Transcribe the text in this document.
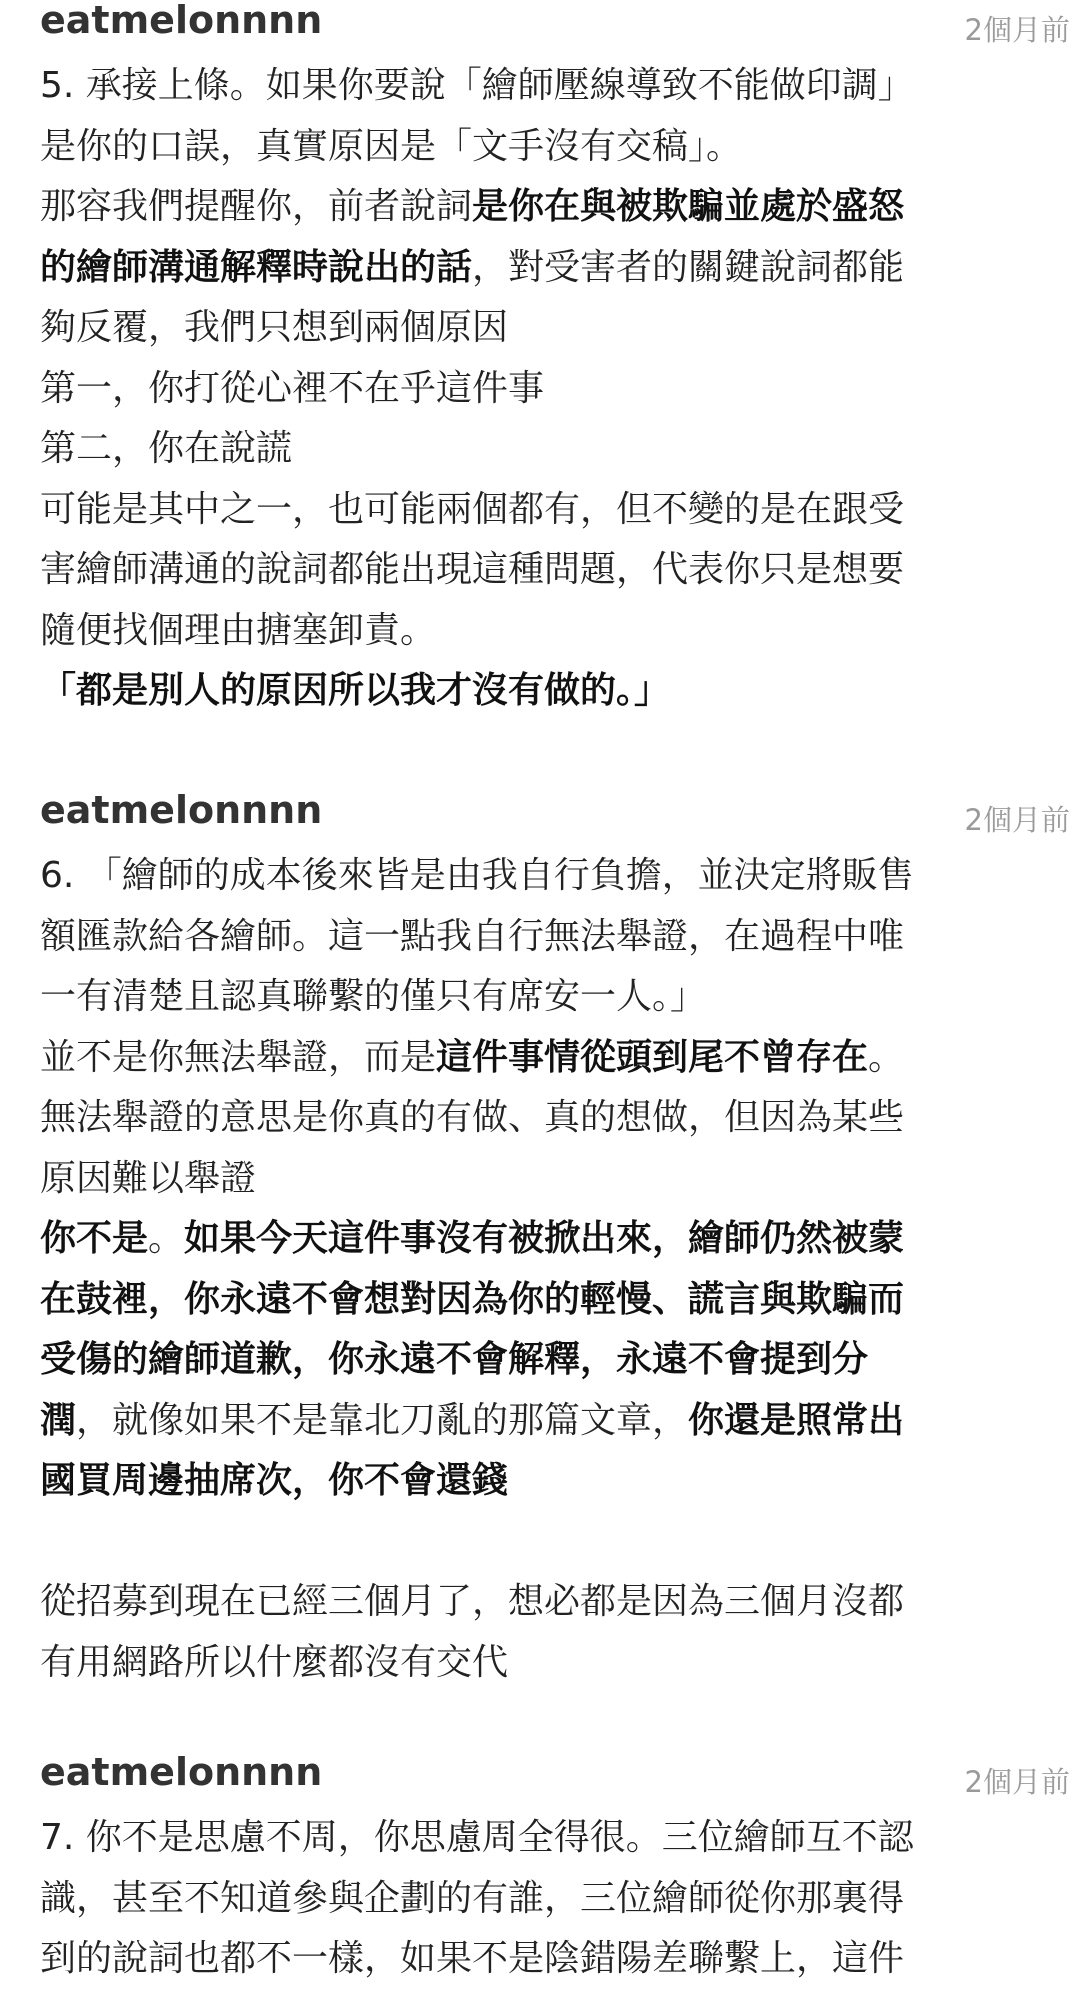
eatmelonnnn	2個月前
5. 承接上條。如果你要說「繪師壓線導致不能做印調」
是你的口誤，真實原因是「文手沒有交稿」。
那容我們提醒你，前者說詞是你在與被欺騙並處於盛怒
的繪師溝通解釋時說出的話，對受害者的關鍵說詞都能
夠反覆，我們只想到兩個原因
第一，你打從心裡不在乎這件事
第二，你在說謊
可能是其中之一，也可能兩個都有，但不變的是在跟受
害繪師溝通的說詞都能出現這種問題，代表你只是想要
隨便找個理由搪塞卸責。
「都是別人的原因所以我才沒有做的。」
eatmelonnnn	2個月前
6. 「繪師的成本後來皆是由我自行負擔，並決定將販售
額匯款給各繪師。這一點我自行無法舉證，在過程中唯
一有清楚且認真聯繫的僅只有席安一人。」
並不是你無法舉證，而是這件事情從頭到尾不曾存在。
無法舉證的意思是你真的有做、真的想做，但因為某些
原因難以舉證
你不是。如果今天這件事沒有被掀出來，繪師仍然被蒙
在鼓裡，你永遠不會想對因為你的輕慢、謊言與欺騙而
受傷的繪師道歉，你永遠不會解釋，永遠不會提到分
潤，就像如果不是靠北刀亂的那篇文章，你還是照常出
國買周邊抽席次，你不會還錢
從招募到現在已經三個月了，想必都是因為三個月沒都
有用網路所以什麼都沒有交代
eatmelonnnn	2個月前
7. 你不是思慮不周，你思慮周全得很。三位繪師互不認
識，甚至不知道參與企劃的有誰，三位繪師從你那裏得
到的說詞也都不一樣，如果不是陰錯陽差聯繫上，這件
